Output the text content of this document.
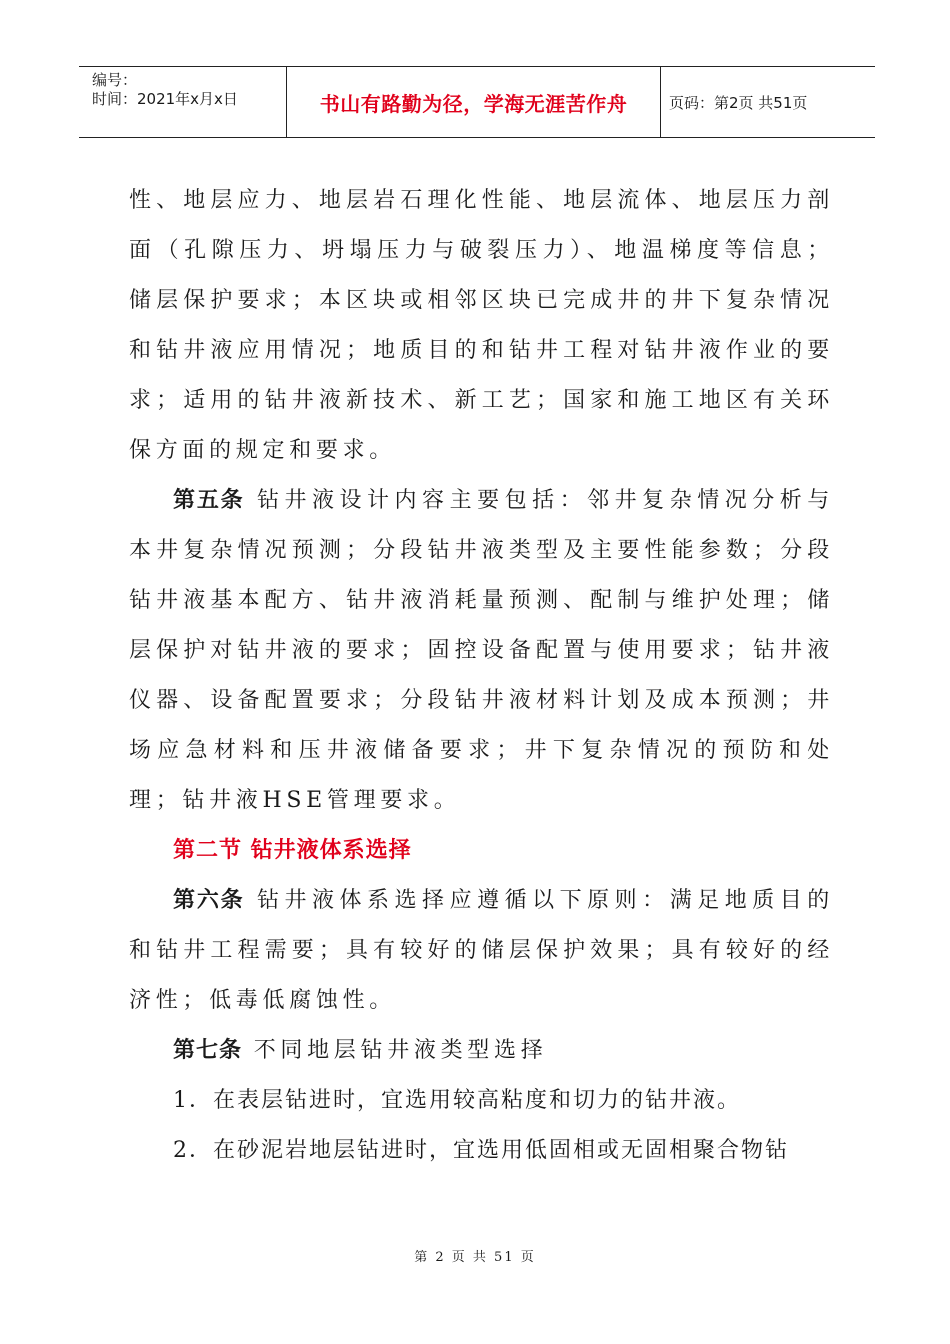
编号：
时间：2021年x月x日	书山有路勤为径，学海无涯苦作舟	页码：第2页 共51页

性、地层应力、地层岩石理化性能、地层流体、地层压力剖面（孔隙压力、坍塌压力与破裂压力）、地温梯度等信息；储层保护要求；本区块或相邻区块已完成井的井下复杂情况和钻井液应用情况；地质目的和钻井工程对钻井液作业的要求；适用的钻井液新技术、新工艺；国家和施工地区有关环保方面的规定和要求。

第五条 钻井液设计内容主要包括：邻井复杂情况分析与本井复杂情况预测；分段钻井液类型及主要性能参数；分段钻井液基本配方、钻井液消耗量预测、配制与维护处理；储层保护对钻井液的要求；固控设备配置与使用要求；钻井液仪器、设备配置要求；分段钻井液材料计划及成本预测；井场应急材料和压井液储备要求；井下复杂情况的预防和处理；钻井液HSE管理要求。

第二节 钻井液体系选择

第六条 钻井液体系选择应遵循以下原则：满足地质目的和钻井工程需要；具有较好的储层保护效果；具有较好的经济性；低毒低腐蚀性。

第七条 不同地层钻井液类型选择

1．在表层钻进时，宜选用较高粘度和切力的钻井液。

2．在砂泥岩地层钻进时，宜选用低固相或无固相聚合物钻

第 2 页 共 51 页
